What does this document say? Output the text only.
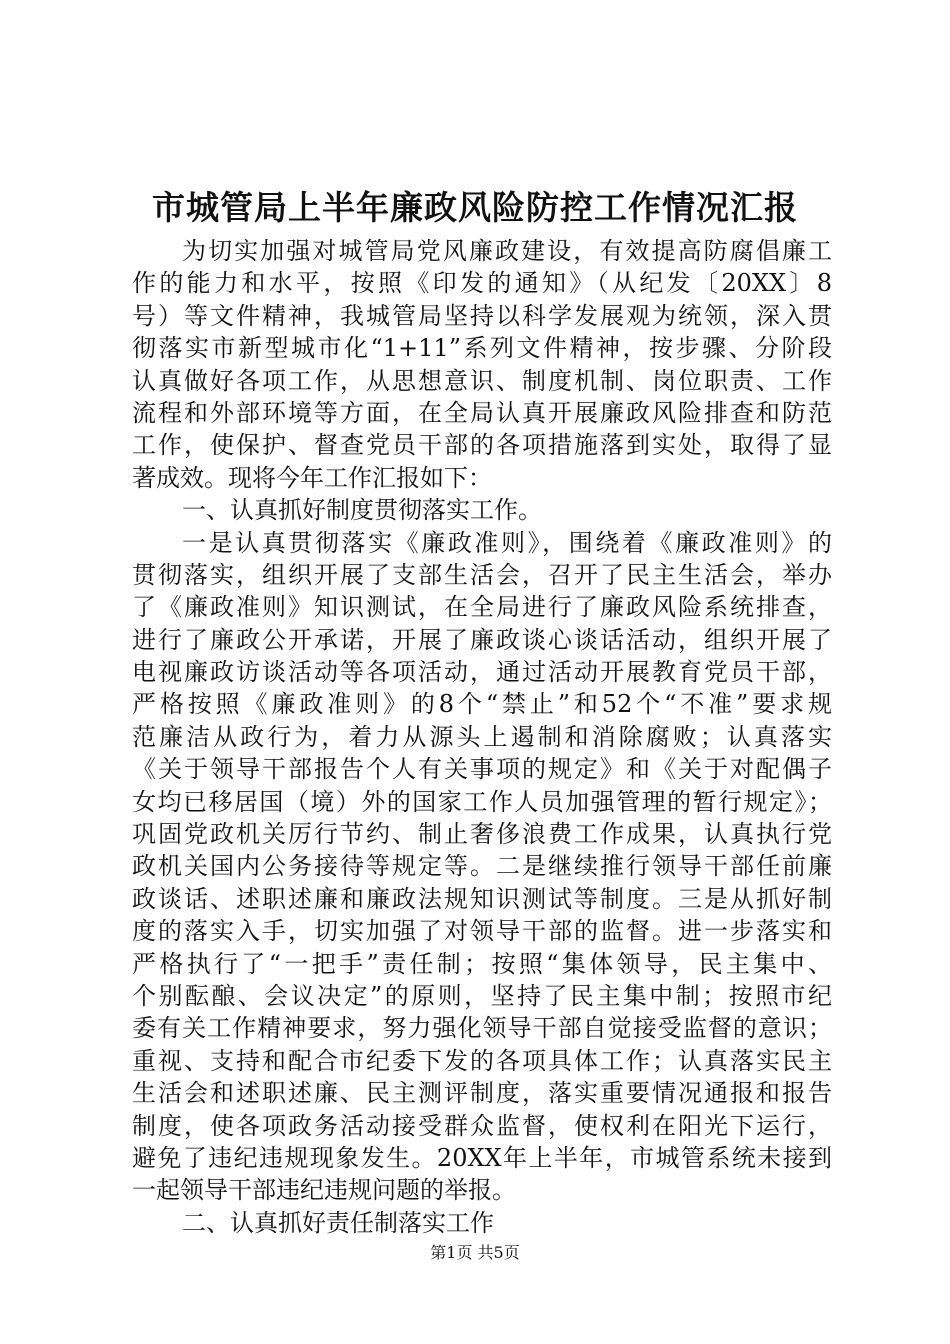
市城管局上半年廉政风险防控工作情况汇报
为切实加强对城管局党风廉政建设，有效提高防腐倡廉工
作的能力和水平，按照《印发的通知》（从纪发〔20XX〕8
号）等文件精神，我城管局坚持以科学发展观为统领，深入贯
彻落实市新型城市化“1+11”系列文件精神，按步骤、分阶段
认真做好各项工作，从思想意识、制度机制、岗位职责、工作
流程和外部环境等方面，在全局认真开展廉政风险排查和防范
工作，使保护、督查党员干部的各项措施落到实处，取得了显
著成效。现将今年工作汇报如下：
一、认真抓好制度贯彻落实工作。
一是认真贯彻落实《廉政准则》，围绕着《廉政准则》的
贯彻落实，组织开展了支部生活会，召开了民主生活会，举办
了《廉政准则》知识测试，在全局进行了廉政风险系统排查，
进行了廉政公开承诺，开展了廉政谈心谈话活动，组织开展了
电视廉政访谈活动等各项活动，通过活动开展教育党员干部，
严格按照《廉政准则》的8个“禁止”和52个“不准”要求规
范廉洁从政行为，着力从源头上遏制和消除腐败；认真落实
《关于领导干部报告个人有关事项的规定》和《关于对配偶子
女均已移居国（境）外的国家工作人员加强管理的暂行规定》；
巩固党政机关厉行节约、制止奢侈浪费工作成果，认真执行党
政机关国内公务接待等规定等。二是继续推行领导干部任前廉
政谈话、述职述廉和廉政法规知识测试等制度。三是从抓好制
度的落实入手，切实加强了对领导干部的监督。进一步落实和
严格执行了“一把手”责任制；按照“集体领导，民主集中、
个别酝酿、会议决定”的原则，坚持了民主集中制；按照市纪
委有关工作精神要求，努力强化领导干部自觉接受监督的意识；
重视、支持和配合市纪委下发的各项具体工作；认真落实民主
生活会和述职述廉、民主测评制度，落实重要情况通报和报告
制度，使各项政务活动接受群众监督，使权利在阳光下运行，
避免了违纪违规现象发生。20XX年上半年，市城管系统未接到
一起领导干部违纪违规问题的举报。
二、认真抓好责任制落实工作
第1页 共5页
